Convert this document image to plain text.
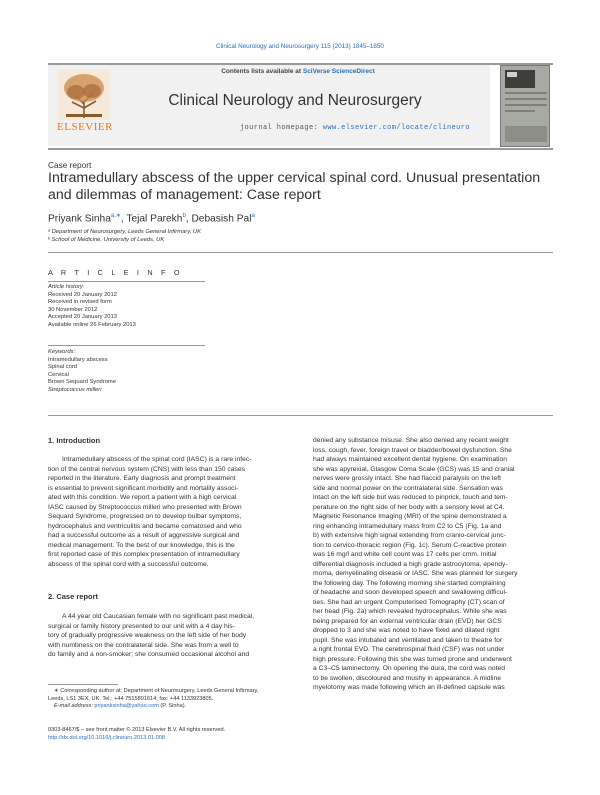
Clinical Neurology and Neurosurgery 115 (2013) 1845–1850
ELSEVIER
Contents lists available at SciVerse ScienceDirect
Clinical Neurology and Neurosurgery
journal homepage: www.elsevier.com/locate/clineuro
Case report
Intramedullary abscess of the upper cervical spinal cord. Unusual presentation and dilemmas of management: Case report
Priyank Sinha$^{a,∗}$, Tejal Parekh$^b$, Debasish Pal$^a$
ᵃ Department of Neurosurgery, Leeds General Infirmary, UK
ᵇ School of Medicine, University of Leeds, UK
A R T I C L E I N F O
Article history:
Received 20 January 2012
Received in revised form
30 November 2012
Accepted 20 January 2013
Available online 26 February 2013
Keywords:
Intramedullary abscess
Spinal cord
Cervical
Brown Sequard Syndrome
Streptococcus milleri
1. Introduction
Intramedullary abscess of the spinal cord (IASC) is a rare infec-
tion of the central nervous system (CNS) with less than 150 cases
reported in the literature. Early diagnosis and prompt treatment
is essential to prevent significant morbidity and mortality associ-
ated with this condition. We report a patient with a high cervical
IASC caused by Streptococcus milleri who presented with Brown
Sequard Syndrome, progressed on to develop bulbar symptoms,
hydrocephalus and ventriculitis and became comatosed and who
had a successful outcome as a result of aggressive surgical and
medical management. To the best of our knowledge, this is the
first reported case of this complex presentation of intramedullary
abscess of the spinal cord with a successful outcome.
2. Case report
A 44 year old Caucasian female with no significant past medical,
surgical or family history presented to our unit with a 4 day his-
tory of gradually progressive weakness on the left side of her body
with numbness on the contralateral side. She was from a well to
do family and a non-smoker; she consumed occasional alcohol and
denied any substance misuse. She also denied any recent weight
loss, cough, fever, foreign travel or bladder/bowel dysfunction. She
had always maintained excellent dental hygiene. On examination
she was apyrexial, Glasgow Coma Scale (GCS) was 15 and cranial
nerves were grossly intact. She had flaccid paralysis on the left
side and normal power on the contralateral side. Sensation was
intact on the left side but was reduced to pinprick, touch and tem-
perature on the right side of her body with a sensory level at C4.
Magnetic Resonance Imaging (MRI) of the spine demonstrated a
ring enhancing intramedullary mass from C2 to C5 (Fig. 1a and
b) with extensive high signal extending from cranio-cervical junc-
tion to cervico-thoracic region (Fig. 1c). Serum C-reactive protein
was 16 mg/l and white cell count was 17 cells per cmm. Initial
differential diagnosis included a high grade astrocytoma, ependy-
moma, demyelinating disease or IASC. She was planned for surgery
the following day. The following morning she started complaining
of headache and soon developed speech and swallowing difficul-
ties. She had an urgent Computerised Tomography (CT) scan of
her head (Fig. 2a) which revealed hydrocephalus. While she was
being prepared for an external ventricular drain (EVD) her GCS
dropped to 3 and she was noted to have fixed and dilated right
pupil. She was intubated and ventilated and taken to theatre for
a right frontal EVD. The cerebrospinal fluid (CSF) was not under
high pressure. Following this she was turned prone and underwent
a C3–C5 laminectomy. On opening the dura, the cord was noted
to be swollen, discoloured and mushy in appearance. A midline
myelotomy was made following which an ill-defined capsule was
∗ Corresponding author at: Department of Neurosurgery, Leeds General Infirmary,
Leeds, LS1 3EX, UK. Tel.: +44 7515891614; fax: +44 1133923805.
E-mail address: priyanksinha@yahoo.com (P. Sinha).
0303-8467/$ – see front matter © 2013 Elsevier B.V. All rights reserved.
http://dx.doi.org/10.1016/j.clineuro.2013.01.008
